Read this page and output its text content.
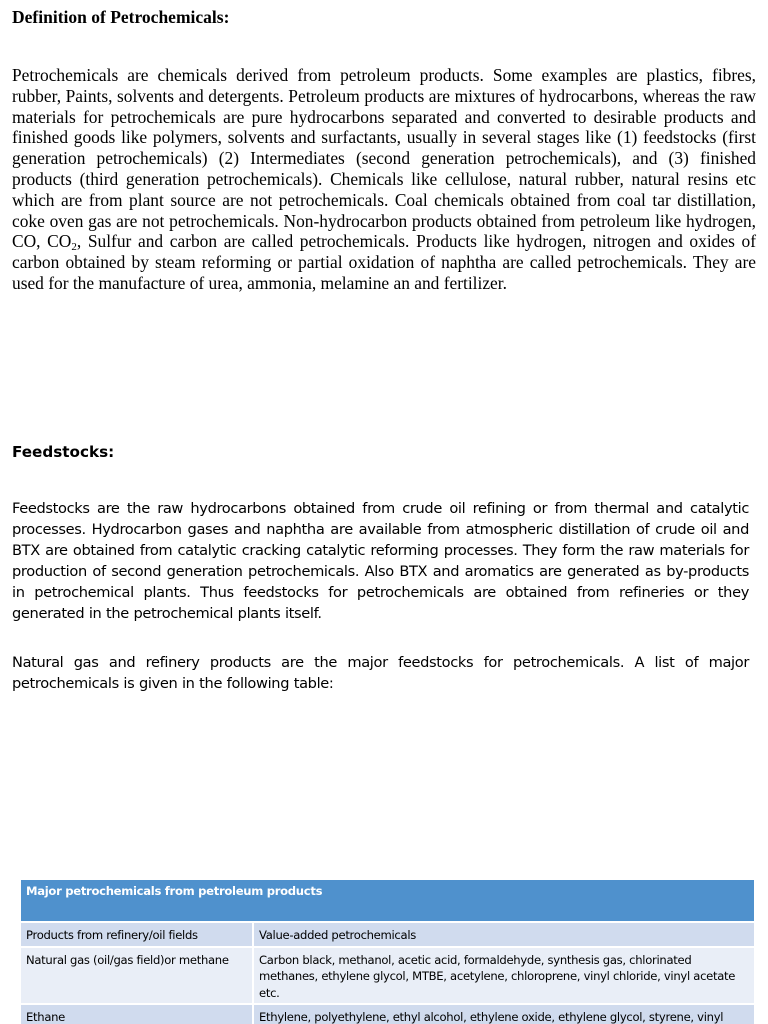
Definition of Petrochemicals:

Petrochemicals are chemicals derived from petroleum products. Some examples are plastics, fibres, rubber, Paints, solvents and detergents. Petroleum products are mixtures of hydrocarbons, whereas the raw materials for petrochemicals are pure hydrocarbons separated and converted to desirable products and finished goods like polymers, solvents and surfactants, usually in several stages like (1) feedstocks (first generation petrochemicals) (2) Intermediates (second generation petrochemicals), and (3) finished products (third generation petrochemicals). Chemicals like cellulose, natural rubber, natural resins etc which are from plant source are not petrochemicals. Coal chemicals obtained from coal tar distillation, coke oven gas are not petrochemicals. Non-hydrocarbon products obtained from petroleum like hydrogen, CO, $CO_2$, Sulfur and carbon are called petrochemicals. Products like hydrogen, nitrogen and oxides of carbon obtained by steam reforming or partial oxidation of naphtha are called petrochemicals. They are used for the manufacture of urea, ammonia, melamine an and fertilizer.

Feedstocks:

Feedstocks are the raw hydrocarbons obtained from crude oil refining or from thermal and catalytic processes. Hydrocarbon gases and naphtha are available from atmospheric distillation of crude oil and BTX are obtained from catalytic cracking catalytic reforming processes. They form the raw materials for production of second generation petrochemicals. Also BTX and aromatics are generated as by-products in petrochemical plants. Thus feedstocks for petrochemicals are obtained from refineries or they generated in the petrochemical plants itself.

Natural gas and refinery products are the major feedstocks for petrochemicals. A list of major petrochemicals is given in the following table:

Major petrochemicals from petroleum products	
Products from refinery/oil fields	Value-added petrochemicals
Natural gas (oil/gas field)or methane	Carbon black, methanol, acetic acid, formaldehyde, synthesis gas, chlorinated methanes, ethylene glycol, MTBE, acetylene, chloroprene, vinyl chloride, vinyl acetate etc.
Ethane	Ethylene, polyethylene, ethyl alcohol, ethylene oxide, ethylene glycol, styrene, vinyl
